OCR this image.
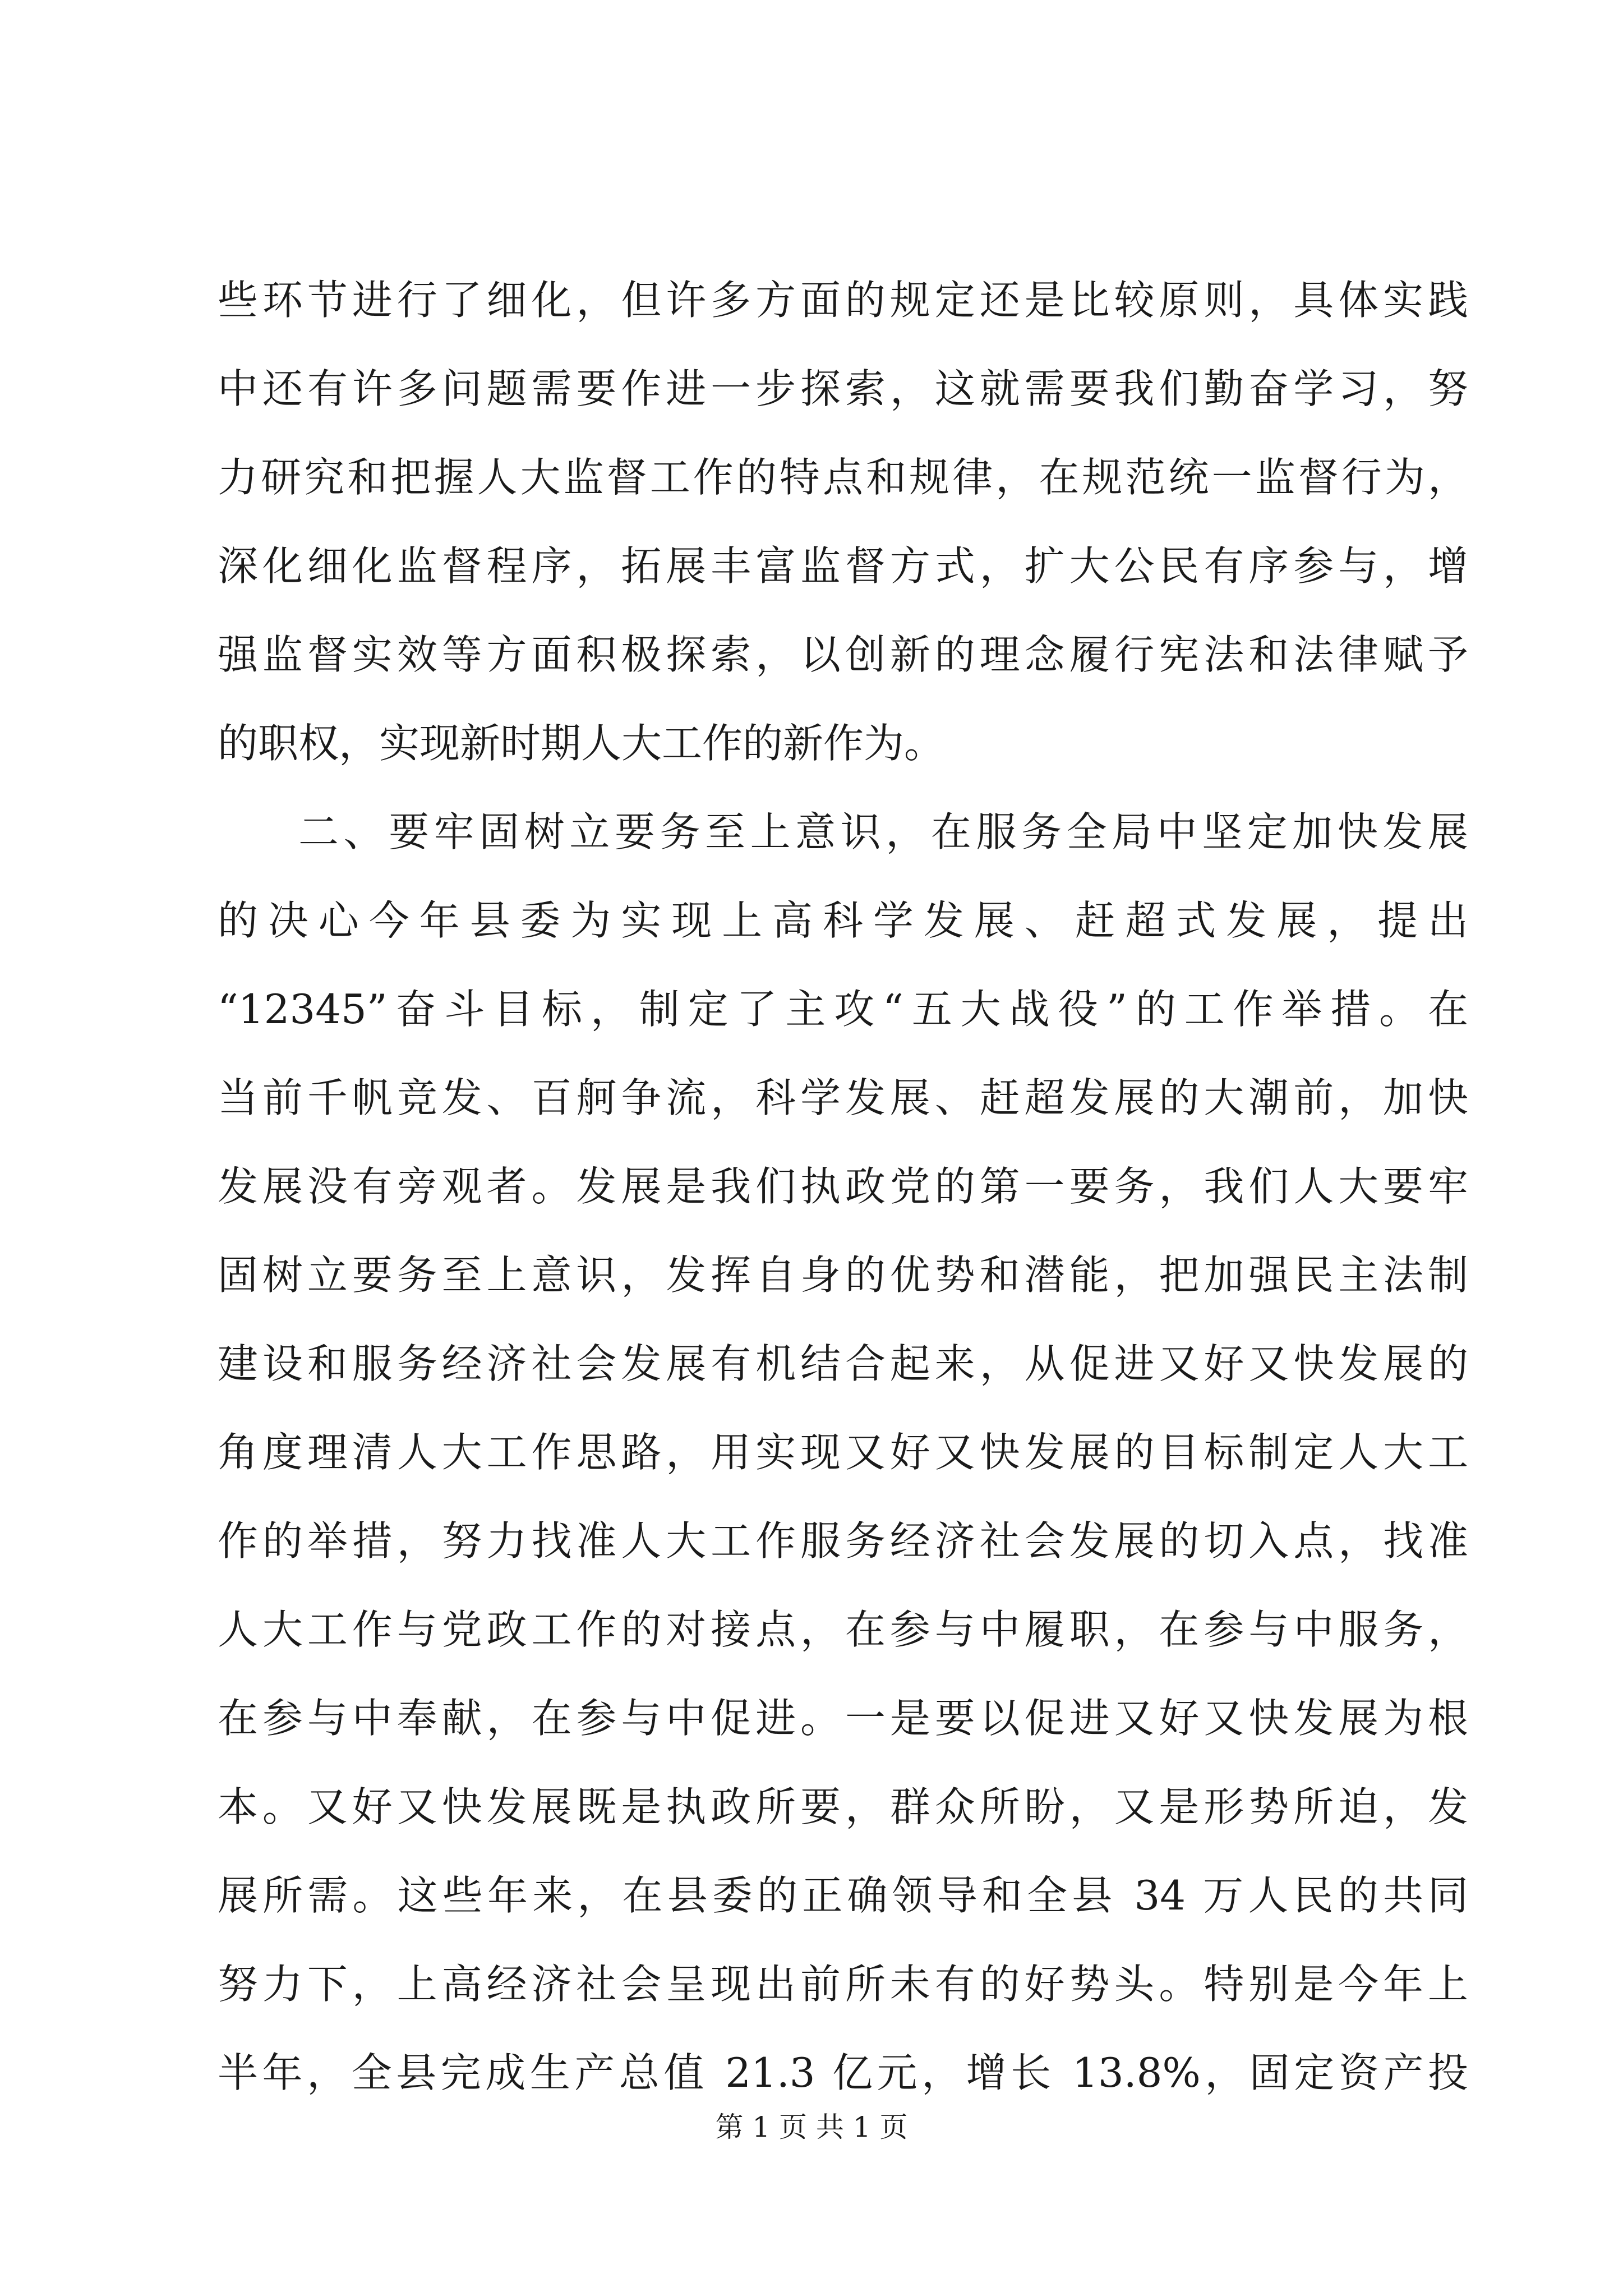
些环节进行了细化，但许多方面的规定还是比较原则，具体实践
中还有许多问题需要作进一步探索，这就需要我们勤奋学习，努
力研究和把握人大监督工作的特点和规律，在规范统一监督行为，
深化细化监督程序，拓展丰富监督方式，扩大公民有序参与，增
强监督实效等方面积极探索，以创新的理念履行宪法和法律赋予
的职权，实现新时期人大工作的新作为。
二、要牢固树立要务至上意识，在服务全局中坚定加快发展
的决心今年县委为实现上高科学发展、赶超式发展，提出
“12345”奋斗目标，制定了主攻“五大战役”的工作举措。在
当前千帆竞发、百舸争流，科学发展、赶超发展的大潮前，加快
发展没有旁观者。发展是我们执政党的第一要务，我们人大要牢
固树立要务至上意识，发挥自身的优势和潜能，把加强民主法制
建设和服务经济社会发展有机结合起来，从促进又好又快发展的
角度理清人大工作思路，用实现又好又快发展的目标制定人大工
作的举措，努力找准人大工作服务经济社会发展的切入点，找准
人大工作与党政工作的对接点，在参与中履职，在参与中服务，
在参与中奉献，在参与中促进。一是要以促进又好又快发展为根
本。又好又快发展既是执政所要，群众所盼，又是形势所迫，发
展所需。这些年来，在县委的正确领导和全县 34 万人民的共同
努力下，上高经济社会呈现出前所未有的好势头。特别是今年上
半年，全县完成生产总值 21.3 亿元，增长 13.8%，固定资产投
第 1 页 共 1 页
